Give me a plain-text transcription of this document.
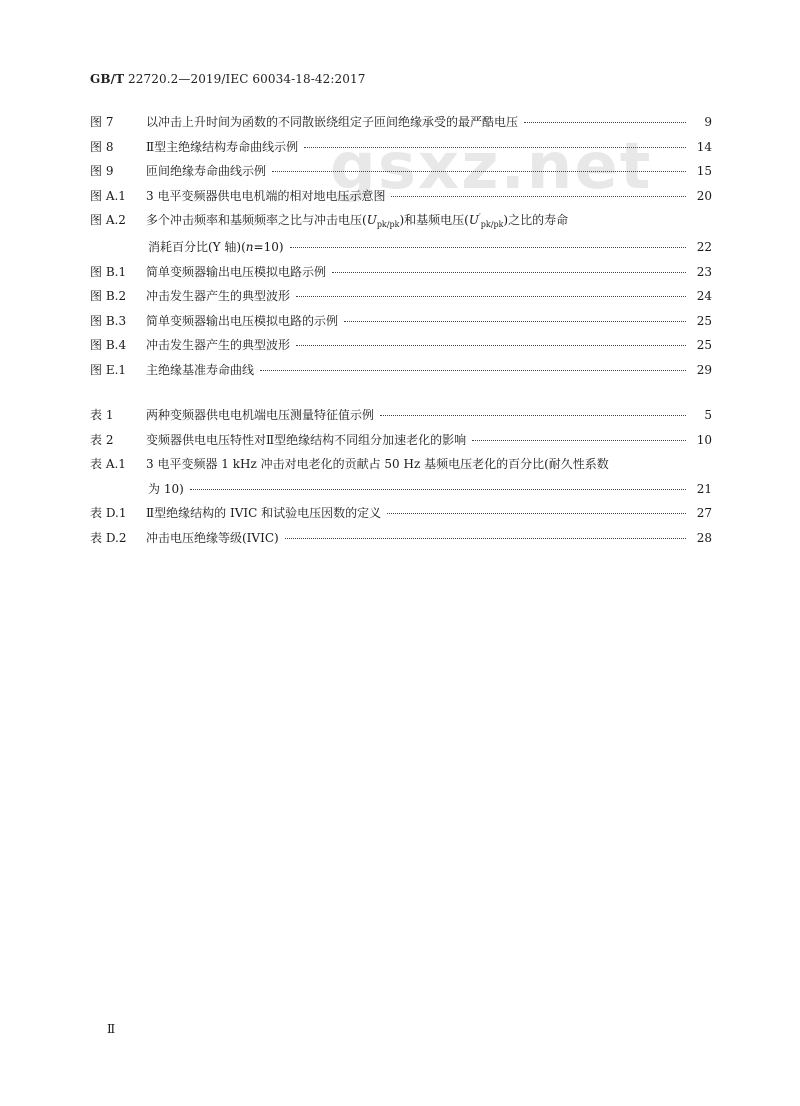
gsxz.net
GB/T 22720.2—2019/IEC 60034-18-42:2017
图 7	以冲击上升时间为函数的不同散嵌绕组定子匝间绝缘承受的最严酷电压	9
图 8	Ⅱ型主绝缘结构寿命曲线示例	14
图 9	匝间绝缘寿命曲线示例	15
图 A.1	3 电平变频器供电电机端的相对地电压示意图	20
图 A.2	多个冲击频率和基频频率之比与冲击电压$(U_{pk/pk})$和基频电压$(U'_{pk/pk})$之比的寿命
消耗百分比(Y 轴)(n=10)	22
图 B.1	简单变频器输出电压模拟电路示例	23
图 B.2	冲击发生器产生的典型波形	24
图 B.3	简单变频器输出电压模拟电路的示例	25
图 B.4	冲击发生器产生的典型波形	25
图 E.1	主绝缘基准寿命曲线	29
表 1	两种变频器供电电机端电压测量特征值示例	5
表 2	变频器供电电压特性对Ⅱ型绝缘结构不同组分加速老化的影响	10
表 A.1	3 电平变频器 1 kHz 冲击对电老化的贡献占 50 Hz 基频电压老化的百分比(耐久性系数
为 10)	21
表 D.1	Ⅱ型绝缘结构的 IVIC 和试验电压因数的定义	27
表 D.2	冲击电压绝缘等级(IVIC)	28
Ⅱ
